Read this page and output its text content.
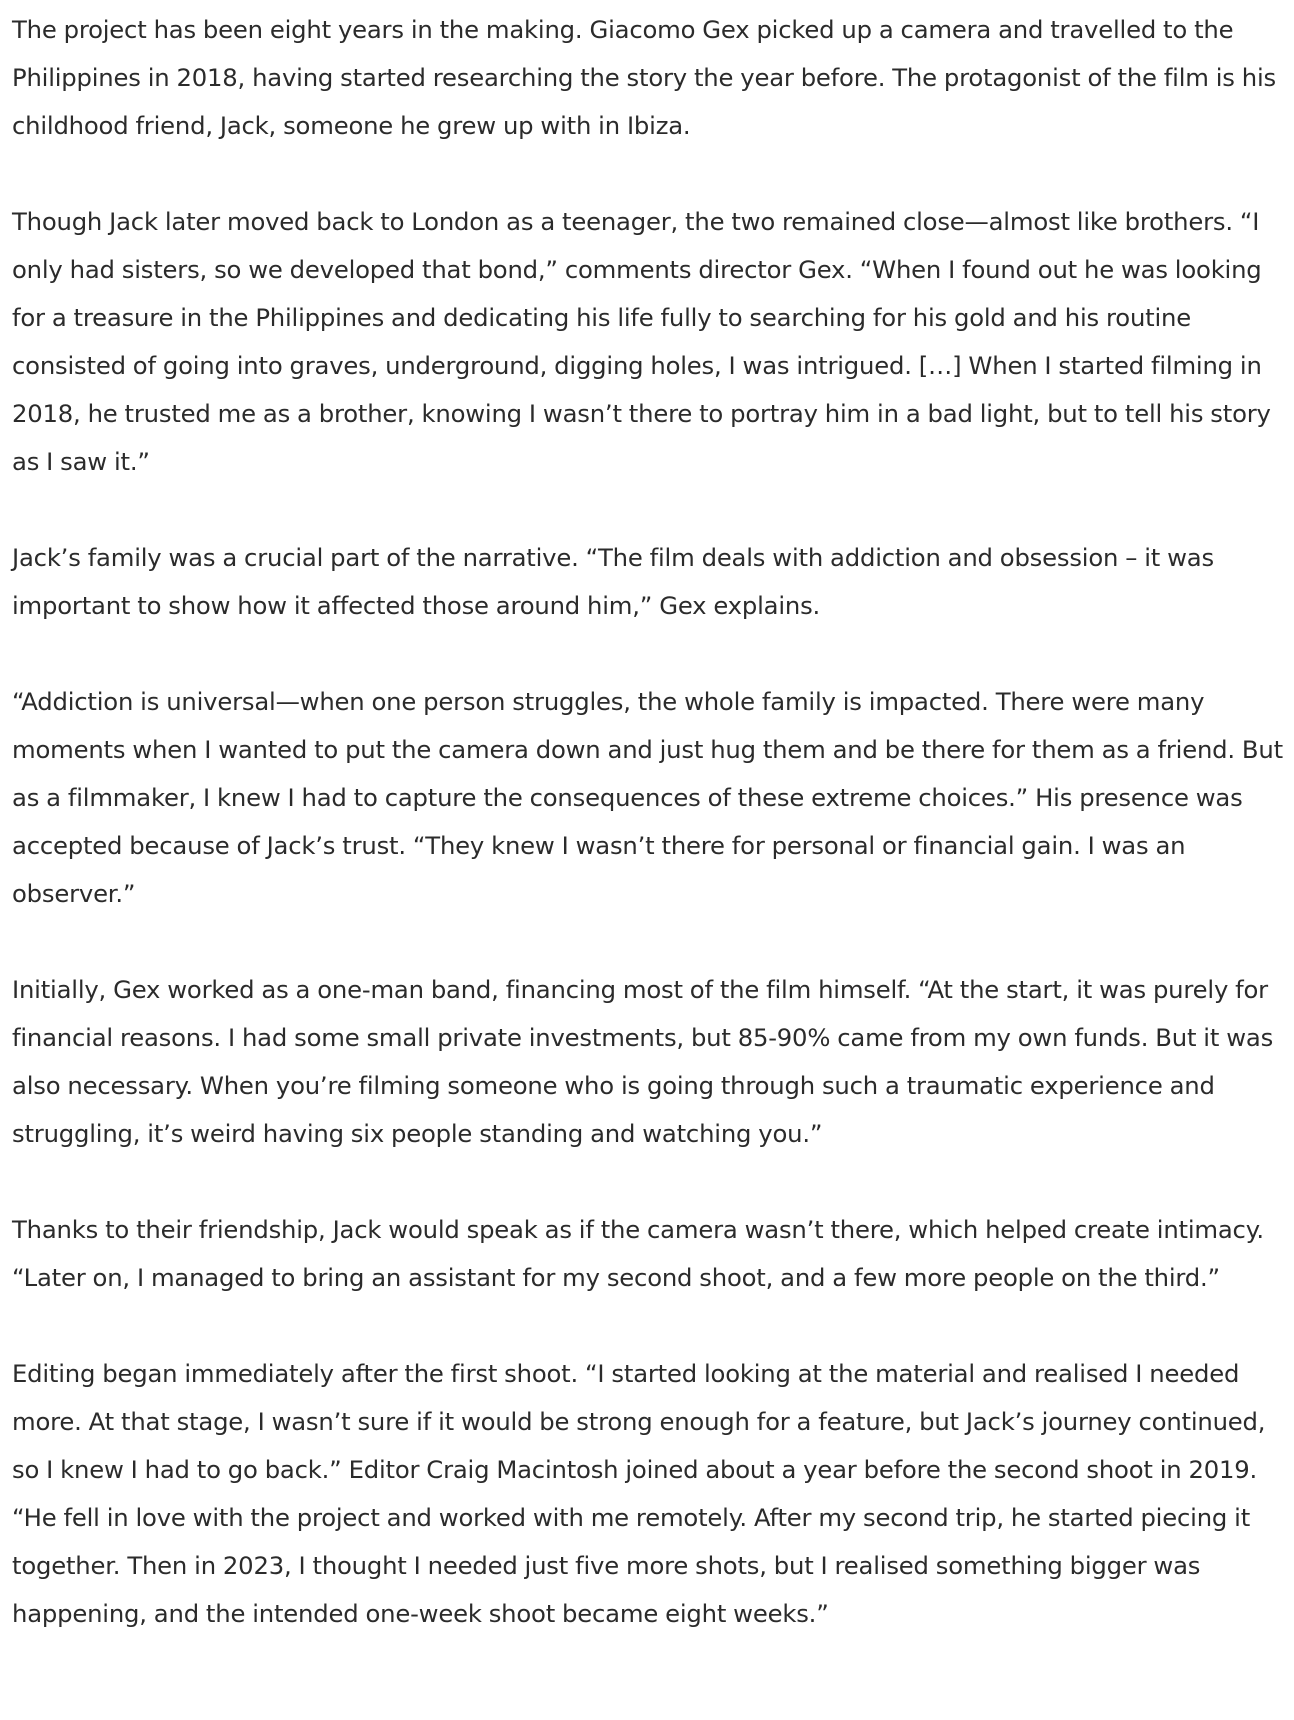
The project has been eight years in the making. Giacomo Gex picked up a camera and travelled to the Philippines in 2018, having started researching the story the year before. The protagonist of the film is his childhood friend, Jack, someone he grew up with in Ibiza.

Though Jack later moved back to London as a teenager, the two remained close—almost like brothers. “I only had sisters, so we developed that bond,” comments director Gex. “When I found out he was looking for a treasure in the Philippines and dedicating his life fully to searching for his gold and his routine consisted of going into graves, underground, digging holes, I was intrigued. […] When I started filming in 2018, he trusted me as a brother, knowing I wasn’t there to portray him in a bad light, but to tell his story as I saw it.”

Jack’s family was a crucial part of the narrative. “The film deals with addiction and obsession – it was important to show how it affected those around him,” Gex explains.

“Addiction is universal—when one person struggles, the whole family is impacted. There were many moments when I wanted to put the camera down and just hug them and be there for them as a friend. But as a filmmaker, I knew I had to capture the consequences of these extreme choices.” His presence was accepted because of Jack’s trust. “They knew I wasn’t there for personal or financial gain. I was an observer.”

Initially, Gex worked as a one-man band, financing most of the film himself. “At the start, it was purely for financial reasons. I had some small private investments, but 85-90% came from my own funds. But it was also necessary. When you’re filming someone who is going through such a traumatic experience and struggling, it’s weird having six people standing and watching you.”

Thanks to their friendship, Jack would speak as if the camera wasn’t there, which helped create intimacy. “Later on, I managed to bring an assistant for my second shoot, and a few more people on the third.”

Editing began immediately after the first shoot. “I started looking at the material and realised I needed more. At that stage, I wasn’t sure if it would be strong enough for a feature, but Jack’s journey continued, so I knew I had to go back.” Editor Craig Macintosh joined about a year before the second shoot in 2019. “He fell in love with the project and worked with me remotely. After my second trip, he started piecing it together. Then in 2023, I thought I needed just five more shots, but I realised something bigger was happening, and the intended one-week shoot became eight weeks.”
